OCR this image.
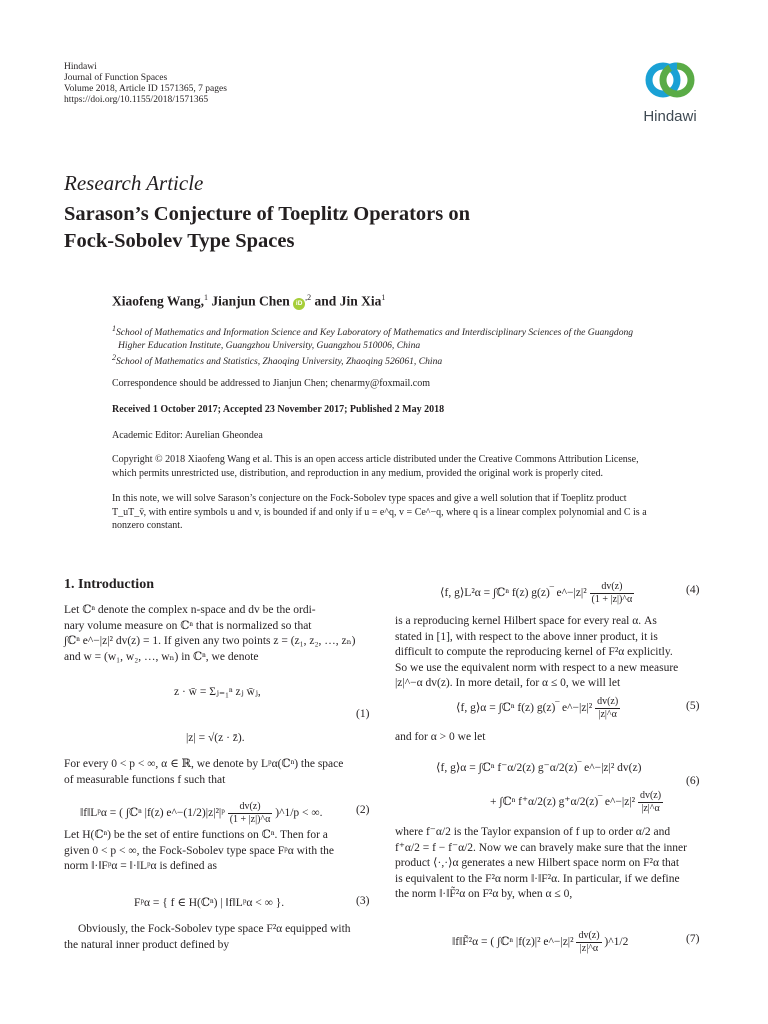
Hindawi
Journal of Function Spaces
Volume 2018, Article ID 1571365, 7 pages
https://doi.org/10.1155/2018/1571365
Hindawi
Research Article
Sarason’s Conjecture of Toeplitz Operators on
Fock-Sobolev Type Spaces
Xiaofeng Wang,$^1$ Jianjun Chen $iD^{,2}$ and Jin Xia$^1$
$^1$School of Mathematics and Information Science and Key Laboratory of Mathematics and Interdisciplinary Sciences of the Guangdong
Higher Education Institute, Guangzhou University, Guangzhou 510006, China
$^2$School of Mathematics and Statistics, Zhaoqing University, Zhaoqing 526061, China
Correspondence should be addressed to Jianjun Chen; chenarmy@foxmail.com
Received 1 October 2017; Accepted 23 November 2017; Published 2 May 2018
Academic Editor: Aurelian Gheondea
Copyright © 2018 Xiaofeng Wang et al. This is an open access article distributed under the Creative Commons Attribution License,
which permits unrestricted use, distribution, and reproduction in any medium, provided the original work is properly cited.
In this note, we will solve Sarason’s conjecture on the Fock-Sobolev type spaces and give a well solution that if Toeplitz product
T_uT_v̄, with entire symbols u and v, is bounded if and only if u = e^q, v = Ce^−q, where q is a linear complex polynomial and C is a
nonzero constant.
1. Introduction
Let ℂⁿ denote the complex n-space and dv be the ordi-
nary volume measure on ℂⁿ that is normalized so that
∫ℂⁿ e^−|z|² dv(z) = 1. If given any two points z = (z₁, z₂, …, zₙ)
and w = (w₁, w₂, …, wₙ) in ℂⁿ, we denote
z · w̄ = Σⱼ₌₁ⁿ zⱼ w̄ⱼ,
|z| = √(z · z̄).
(1)
For every 0 < p < ∞, α ∈ ℝ, we denote by Lᵖα(ℂⁿ) the space
of measurable functions f such that
‖f‖Lᵖα = ( ∫ℂⁿ |f(z) e^−(1/2)|z|²|ᵖ $\frac{dv(z)}{(1 + |z|)\^{}\alpha}$ )^1/p < ∞.	(2)
Let H(ℂⁿ) be the set of entire functions on ℂⁿ. Then for a
given 0 < p < ∞, the Fock-Sobolev type space Fᵖα with the
norm ‖·‖Fᵖα = ‖·‖Lᵖα is defined as
Fᵖα = { f ∈ H(ℂⁿ) | ‖f‖Lᵖα < ∞ }.	(3)
Obviously, the Fock-Sobolev type space F²α equipped with
the natural inner product defined by
⟨f, g⟩L²α = ∫ℂⁿ f(z) g(z)‾ e^−|z|² $\frac{dv(z)}{(1 + |z|)\^{}\alpha}$	(4)
is a reproducing kernel Hilbert space for every real α. As
stated in [1], with respect to the above inner product, it is
difficult to compute the reproducing kernel of F²α explicitly.
So we use the equivalent norm with respect to a new measure
|z|^−α dv(z). In more detail, for α ≤ 0, we will let
⟨f, g⟩α = ∫ℂⁿ f(z) g(z)‾ e^−|z|² $\frac{dv(z)}{|z|\^{}\alpha}$	(5)
and for α > 0 we let
⟨f, g⟩α = ∫ℂⁿ f⁻α/2(z) g⁻α/2(z)‾ e^−|z|² dv(z)
+ ∫ℂⁿ f⁺α/2(z) g⁺α/2(z)‾ e^−|z|² $\frac{dv(z)}{|z|\^{}\alpha}$
(6)
where f⁻α/2 is the Taylor expansion of f up to order α/2 and
f⁺α/2 = f − f⁻α/2. Now we can bravely make sure that the inner
product ⟨·,·⟩α generates a new Hilbert space norm on F²α that
is equivalent to the F²α norm ‖·‖F²α. In particular, if we define
the norm ‖·‖F̃²α on F²α by, when α ≤ 0,
‖f‖F̃²α = ( ∫ℂⁿ |f(z)|² e^−|z|² $\frac{dv(z)}{|z|\^{}\alpha}$ )^1/2	(7)
